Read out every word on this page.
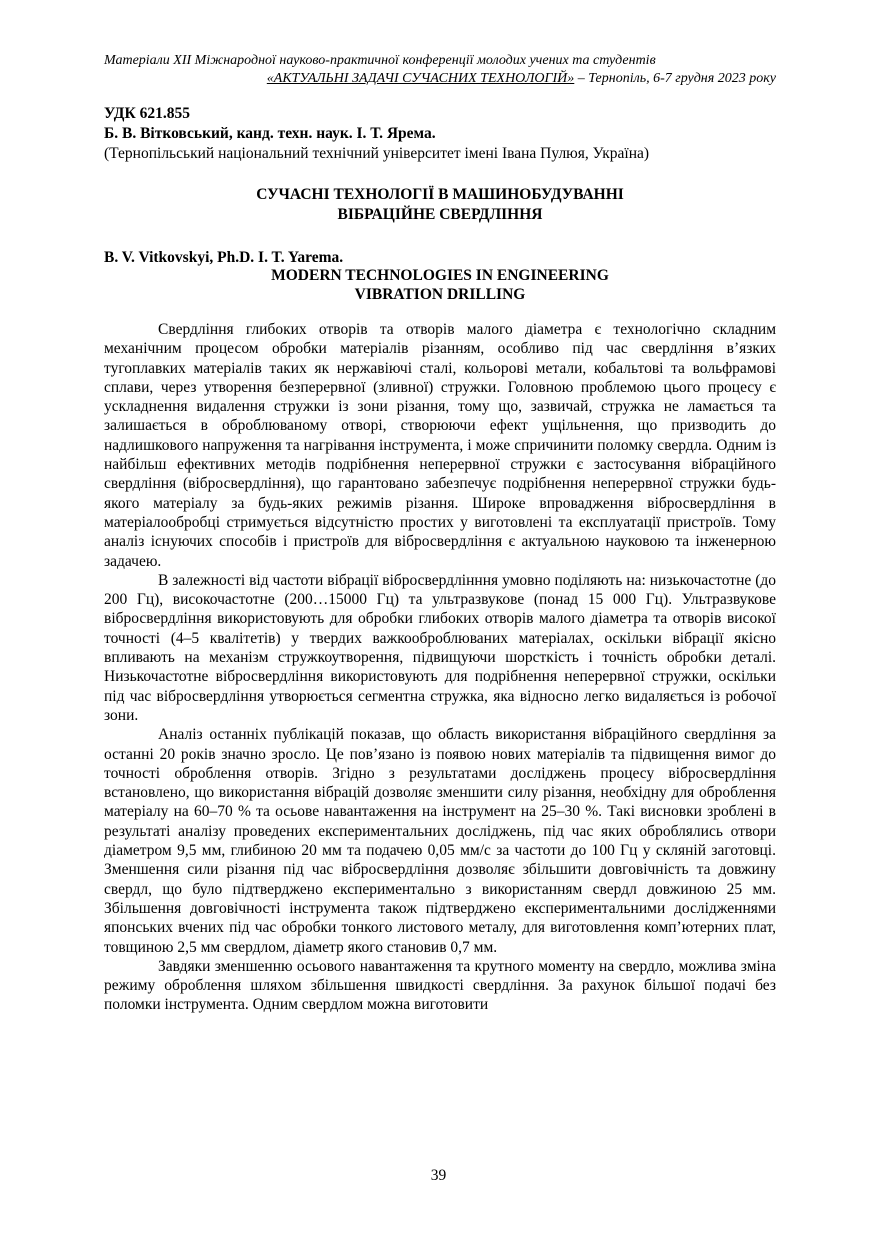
Матеріали XII Міжнародної науково-практичної конференції молодих учених та студентів
«АКТУАЛЬНІ ЗАДАЧІ СУЧАСНИХ ТЕХНОЛОГІЙ» – Тернопіль, 6-7 грудня 2023 року
УДК 621.855
Б. В. Вітковський, канд. техн. наук. І. Т. Ярема.
(Тернопільський національний технічний університет імені Івана Пулюя, Україна)
СУЧАСНІ ТЕХНОЛОГІЇ В МАШИНОБУДУВАННІ
ВІБРАЦІЙНЕ СВЕРДЛІННЯ
B. V. Vitkovskyi, Ph.D. I. T. Yarema.
MODERN TECHNOLOGIES IN ENGINEERING
VIBRATION DRILLING

Свердління глибоких отворів та отворів малого діаметра є технологічно складним механічним процесом обробки матеріалів різанням, особливо під час свердління в’язких тугоплавких матеріалів таких як нержавіючі сталі, кольорові метали, кобальтові та вольфрамові сплави, через утворення безперервної (зливної) стружки. Головною проблемою цього процесу є ускладнення видалення стружки із зони різання, тому що, зазвичай, стружка не ламається та залишається в оброблюваному отворі, створюючи ефект ущільнення, що призводить до надлишкового напруження та нагрівання інструмента, і може спричинити поломку свердла. Одним із найбільш ефективних методів подрібнення неперервної стружки є застосування вібраційного свердління (вібросвердління), що гарантовано забезпечує подрібнення неперервної стружки будь-якого матеріалу за будь-яких режимів різання. Широке впровадження вібросвердління в матеріалообробці стримується відсутністю простих у виготовлені та експлуатації пристроїв. Тому аналіз існуючих способів і пристроїв для вібросвердління є актуальною науковою та інженерною задачею.

В залежності від частоти вібрації вібросвердлінння умовно поділяють на: низькочастотне (до 200 Гц), високочастотне (200…15000 Гц) та ультразвукове (понад 15 000 Гц). Ультразвукове вібросвердління використовують для обробки глибоких отворів малого діаметра та отворів високої точності (4–5 квалітетів) у твердих важкооброблюваних матеріалах, оскільки вібрації якісно впливають на механізм стружкоутворення, підвищуючи шорсткість і точність обробки деталі. Низькочастотне вібросвердління використовують для подрібнення неперервної стружки, оскільки під час вібросвердління утворюється сегментна стружка, яка відносно легко видаляється із робочої зони.

Аналіз останніх публікацій показав, що область використання вібраційного свердління за останні 20 років значно зросло. Це пов’язано із появою нових матеріалів та підвищення вимог до точності оброблення отворів. Згідно з результатами досліджень процесу вібросвердління встановлено, що використання вібрацій дозволяє зменшити силу різання, необхідну для оброблення матеріалу на 60–70 % та осьове навантаження на інструмент на 25–30 %. Такі висновки зроблені в результаті аналізу проведених експериментальних досліджень, під час яких оброблялись отвори діаметром 9,5 мм, глибиною 20 мм та подачею 0,05 мм/с за частоти до 100 Гц у скляній заготовці. Зменшення сили різання під час вібросвердління дозволяє збільшити довговічність та довжину свердл, що було підтверджено експериментально з використанням свердл довжиною 25 мм. Збільшення довговічності інструмента також підтверджено експериментальними дослідженнями японських вчених під час обробки тонкого листового металу, для виготовлення комп’ютерних плат, товщиною 2,5 мм свердлом, діаметр якого становив 0,7 мм.

Завдяки зменшенню осьового навантаження та крутного моменту на свердло, можлива зміна режиму оброблення шляхом збільшення швидкості свердління. За рахунок більшої подачі без поломки інструмента. Одним свердлом можна виготовити

39
